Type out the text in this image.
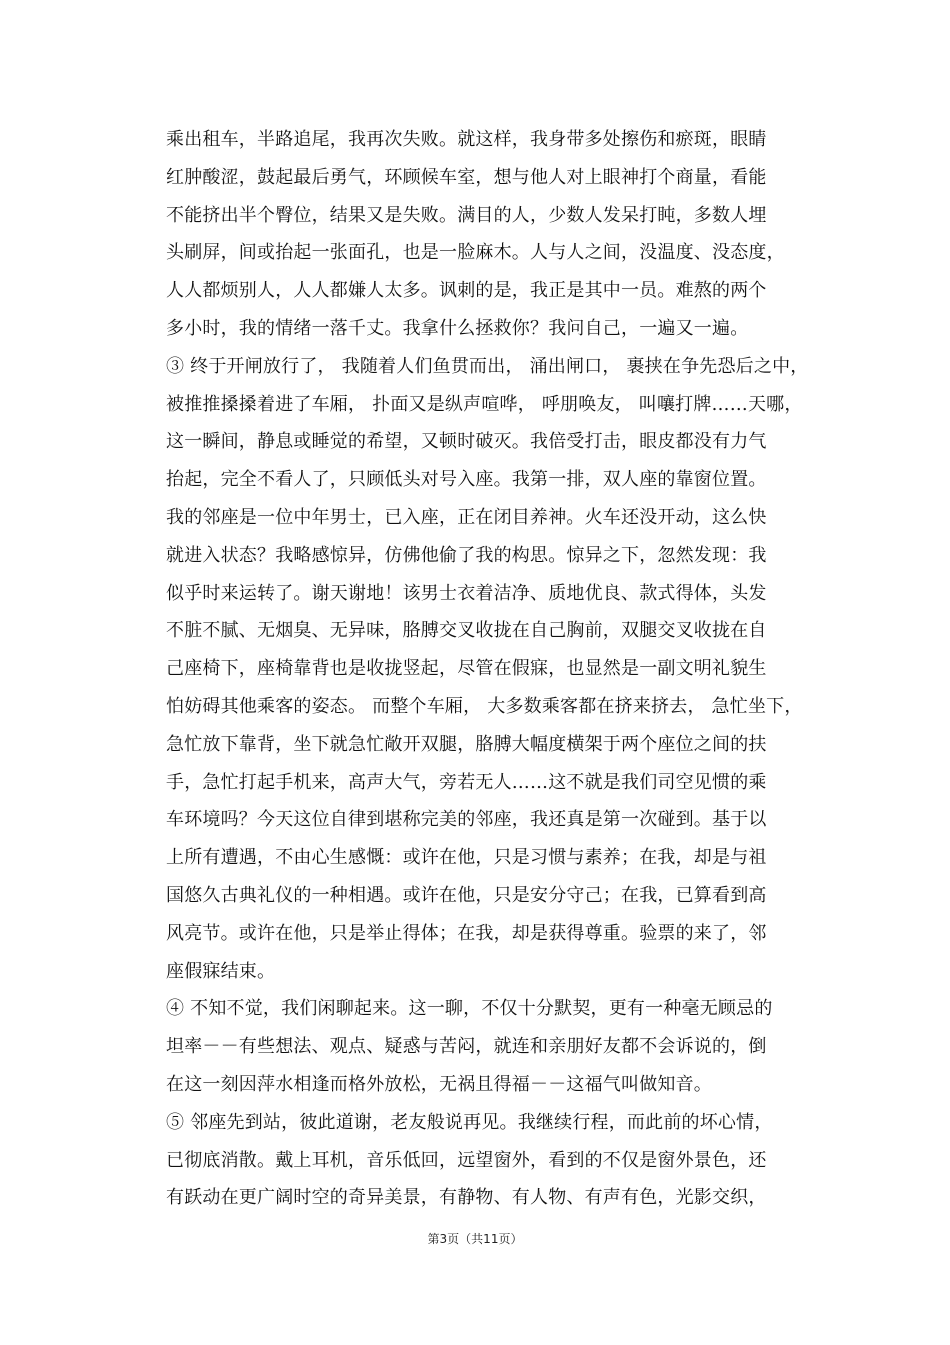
乘出租车，半路追尾，我再次失败。就这样，我身带多处擦伤和瘀斑，眼睛
红肿酸涩，鼓起最后勇气，环顾候车室，想与他人对上眼神打个商量，看能
不能挤出半个臀位，结果又是失败。满目的人，少数人发呆打盹，多数人埋
头刷屏，间或抬起一张面孔，也是一脸麻木。人与人之间，没温度、没态度，
人人都烦别人，人人都嫌人太多。讽刺的是，我正是其中一员。难熬的两个
多小时，我的情绪一落千丈。我拿什么拯救你？我问自己，一遍又一遍。
③ 终于开闸放行了， 我随着人们鱼贯而出， 涌出闸口， 裹挟在争先恐后之中，
被推推搡搡着进了车厢， 扑面又是纵声喧哗， 呼朋唤友， 叫嚷打牌……天哪，
这一瞬间，静息或睡觉的希望，又顿时破灭。我倍受打击，眼皮都没有力气
抬起，完全不看人了，只顾低头对号入座。我第一排，双人座的靠窗位置。
我的邻座是一位中年男士，已入座，正在闭目养神。火车还没开动，这么快
就进入状态？我略感惊异，仿佛他偷了我的构思。惊异之下，忽然发现：我
似乎时来运转了。谢天谢地！该男士衣着洁净、质地优良、款式得体，头发
不脏不腻、无烟臭、无异味，胳膊交叉收拢在自己胸前，双腿交叉收拢在自
己座椅下，座椅靠背也是收拢竖起，尽管在假寐，也显然是一副文明礼貌生
怕妨碍其他乘客的姿态。 而整个车厢， 大多数乘客都在挤来挤去， 急忙坐下，
急忙放下靠背，坐下就急忙敞开双腿，胳膊大幅度横架于两个座位之间的扶
手，急忙打起手机来，高声大气，旁若无人……这不就是我们司空见惯的乘
车环境吗？今天这位自律到堪称完美的邻座，我还真是第一次碰到。基于以
上所有遭遇，不由心生感慨：或许在他，只是习惯与素养；在我，却是与祖
国悠久古典礼仪的一种相遇。或许在他，只是安分守己；在我，已算看到高
风亮节。或许在他，只是举止得体；在我，却是获得尊重。验票的来了，邻
座假寐结束。
④ 不知不觉，我们闲聊起来。这一聊，不仅十分默契，更有一种毫无顾忌的
坦率－－有些想法、观点、疑惑与苦闷，就连和亲朋好友都不会诉说的，倒
在这一刻因萍水相逢而格外放松，无祸且得福－－这福气叫做知音。
⑤ 邻座先到站，彼此道谢，老友般说再见。我继续行程，而此前的坏心情，
已彻底消散。戴上耳机，音乐低回，远望窗外，看到的不仅是窗外景色，还
有跃动在更广阔时空的奇异美景，有静物、有人物、有声有色，光影交织，
第3页（共11页）
